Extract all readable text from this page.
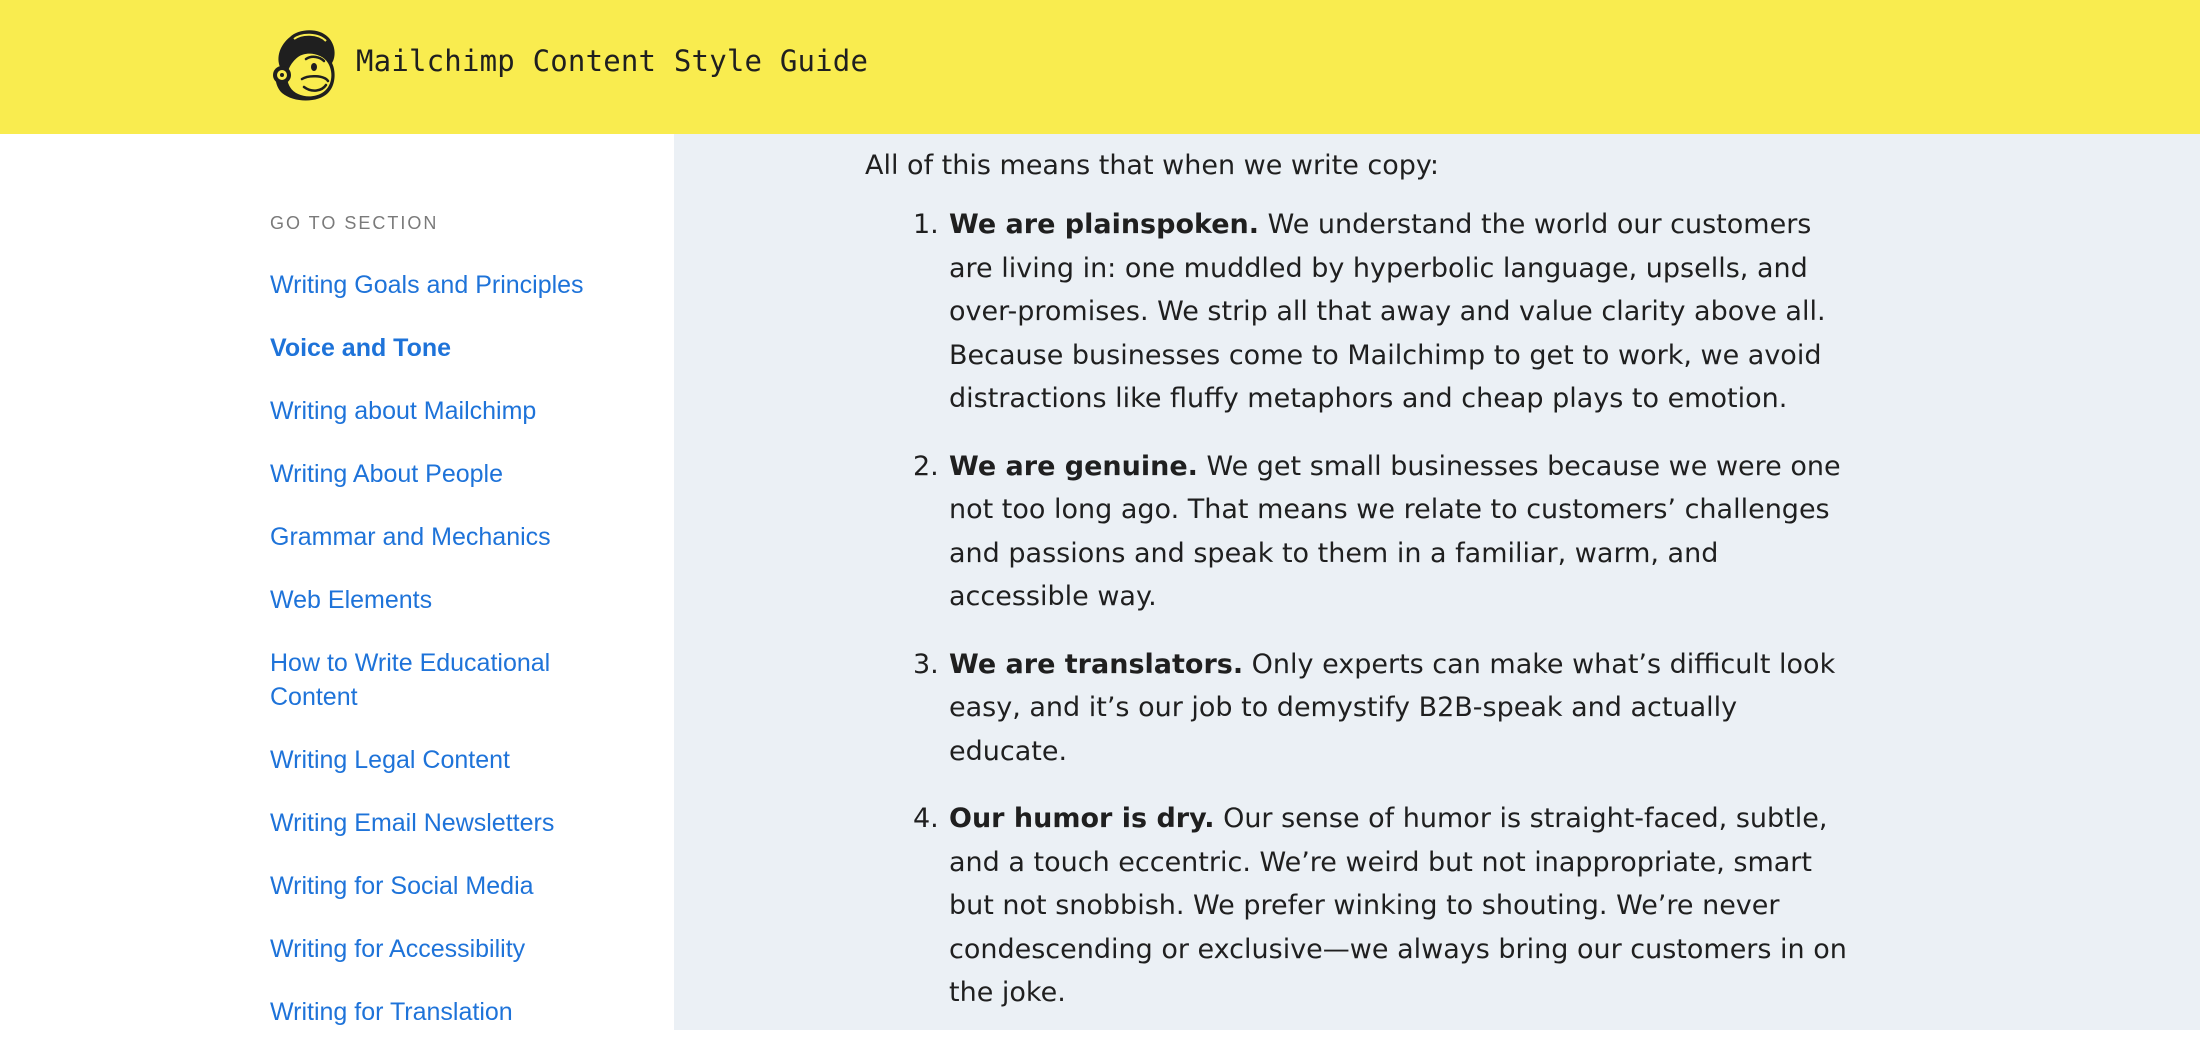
Mailchimp Content Style Guide
GO TO SECTION
Writing Goals and Principles
Voice and Tone
Writing about Mailchimp
Writing About People
Grammar and Mechanics
Web Elements
How to Write Educational Content
Writing Legal Content
Writing Email Newsletters
Writing for Social Media
Writing for Accessibility
Writing for Translation

All of this means that when we write copy:

1. We are plainspoken. We understand the world our customers are living in: one muddled by hyperbolic language, upsells, and over-promises. We strip all that away and value clarity above all. Because businesses come to Mailchimp to get to work, we avoid distractions like fluffy metaphors and cheap plays to emotion.
2. We are genuine. We get small businesses because we were one not too long ago. That means we relate to customers’ challenges and passions and speak to them in a familiar, warm, and accessible way.
3. We are translators. Only experts can make what’s difficult look easy, and it’s our job to demystify B2B-speak and actually educate.
4. Our humor is dry. Our sense of humor is straight-faced, subtle, and a touch eccentric. We’re weird but not inappropriate, smart but not snobbish. We prefer winking to shouting. We’re never condescending or exclusive—we always bring our customers in on the joke.
